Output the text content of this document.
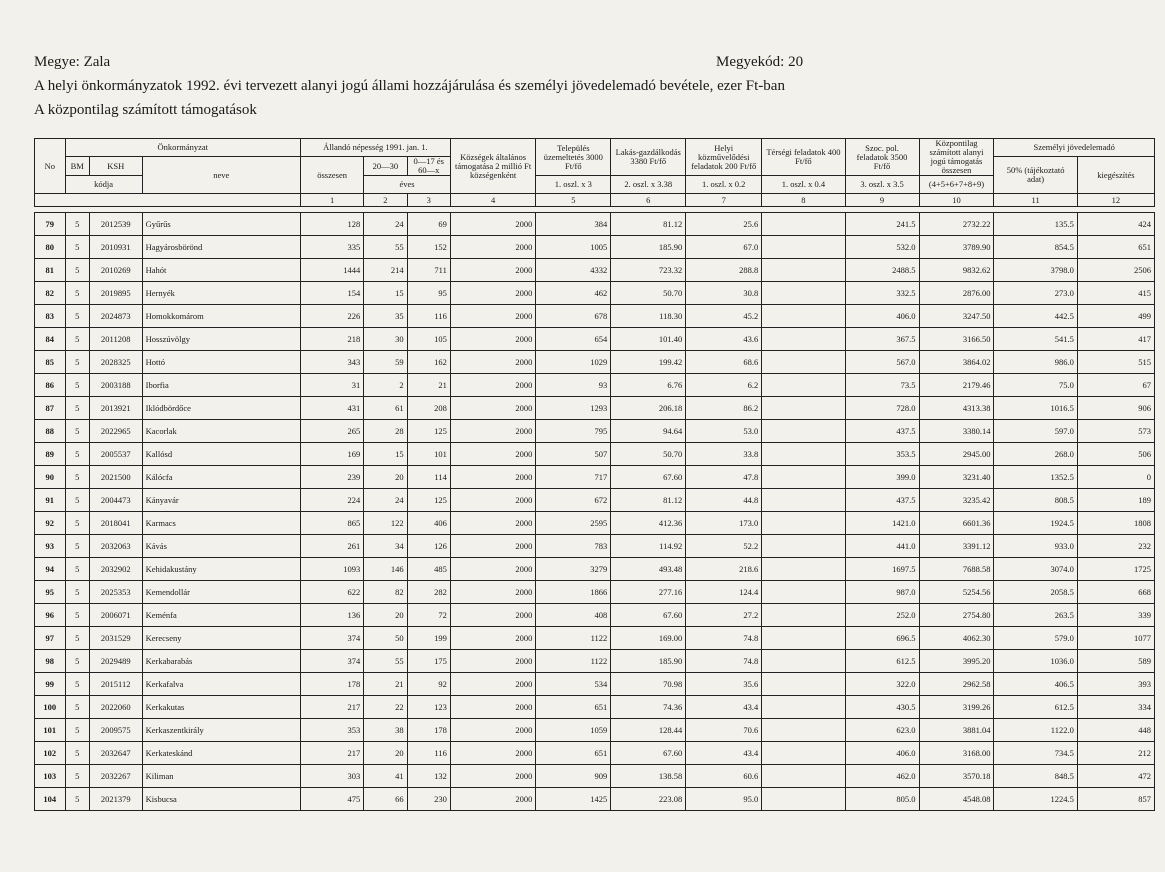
Megye: Zala	Megyekód: 20
A helyi önkormányzatok 1992. évi tervezett alanyi jogú állami hozzájárulása és személyi jövedelemadó bevétele, ezer Ft-ban
A központilag számított támogatások
No	Önkormányzat			Állandó népesség 1991. jan. 1.			Községek általános támogatása 2 millió Ft községenként	Település üzemeltetés 3000 Ft/fő	Lakás-gazdálkodás 3380 Ft/fő	Helyi közművelődési feladatok 200 Ft/fő	Térségi feladatok 400 Ft/fő	Szoc. pol. feladatok 3500 Ft/fő	Központilag számított alanyi jogú támogatás összesen	Személyi jövedelemadó	
	BM	KSH	neve	összesen	20—30	0—17 és 60—x								50% (tájékoztató adat)	kiegészítés
	kódja				éves			1. oszl. x 3	2. oszl. x 3.38	1. oszl. x 0.2	1. oszl. x 0.4	3. oszl. x 3.5	(4+5+6+7+8+9)		
				1	2	3	4	5	6	7	8	9	10	11	12

79	5	2012539	Gyűrűs	128	24	69	2000	384	81.12	25.6		241.5	2732.22	135.5	424
80	5	2010931	Hagyárosbörönd	335	55	152	2000	1005	185.90	67.0		532.0	3789.90	854.5	651
81	5	2010269	Hahót	1444	214	711	2000	4332	723.32	288.8		2488.5	9832.62	3798.0	2506
82	5	2019895	Hernyék	154	15	95	2000	462	50.70	30.8		332.5	2876.00	273.0	415
83	5	2024873	Homokkomárom	226	35	116	2000	678	118.30	45.2		406.0	3247.50	442.5	499
84	5	2011208	Hosszúvölgy	218	30	105	2000	654	101.40	43.6		367.5	3166.50	541.5	417
85	5	2028325	Hottó	343	59	162	2000	1029	199.42	68.6		567.0	3864.02	986.0	515
86	5	2003188	Iborfia	31	2	21	2000	93	6.76	6.2		73.5	2179.46	75.0	67
87	5	2013921	Iklódbördőce	431	61	208	2000	1293	206.18	86.2		728.0	4313.38	1016.5	906
88	5	2022965	Kacorlak	265	28	125	2000	795	94.64	53.0		437.5	3380.14	597.0	573
89	5	2005537	Kallósd	169	15	101	2000	507	50.70	33.8		353.5	2945.00	268.0	506
90	5	2021500	Kálócfa	239	20	114	2000	717	67.60	47.8		399.0	3231.40	1352.5	0
91	5	2004473	Kányavár	224	24	125	2000	672	81.12	44.8		437.5	3235.42	808.5	189
92	5	2018041	Karmacs	865	122	406	2000	2595	412.36	173.0		1421.0	6601.36	1924.5	1808
93	5	2032063	Kávás	261	34	126	2000	783	114.92	52.2		441.0	3391.12	933.0	232
94	5	2032902	Kehidakustány	1093	146	485	2000	3279	493.48	218.6		1697.5	7688.58	3074.0	1725
95	5	2025353	Kemendollár	622	82	282	2000	1866	277.16	124.4		987.0	5254.56	2058.5	668
96	5	2006071	Keménfa	136	20	72	2000	408	67.60	27.2		252.0	2754.80	263.5	339
97	5	2031529	Kerecseny	374	50	199	2000	1122	169.00	74.8		696.5	4062.30	579.0	1077
98	5	2029489	Kerkabarabás	374	55	175	2000	1122	185.90	74.8		612.5	3995.20	1036.0	589
99	5	2015112	Kerkafalva	178	21	92	2000	534	70.98	35.6		322.0	2962.58	406.5	393
100	5	2022060	Kerkakutas	217	22	123	2000	651	74.36	43.4		430.5	3199.26	612.5	334
101	5	2009575	Kerkaszentkirály	353	38	178	2000	1059	128.44	70.6		623.0	3881.04	1122.0	448
102	5	2032647	Kerkateskánd	217	20	116	2000	651	67.60	43.4		406.0	3168.00	734.5	212
103	5	2032267	Kiliman	303	41	132	2000	909	138.58	60.6		462.0	3570.18	848.5	472
104	5	2021379	Kisbucsa	475	66	230	2000	1425	223.08	95.0		805.0	4548.08	1224.5	857
